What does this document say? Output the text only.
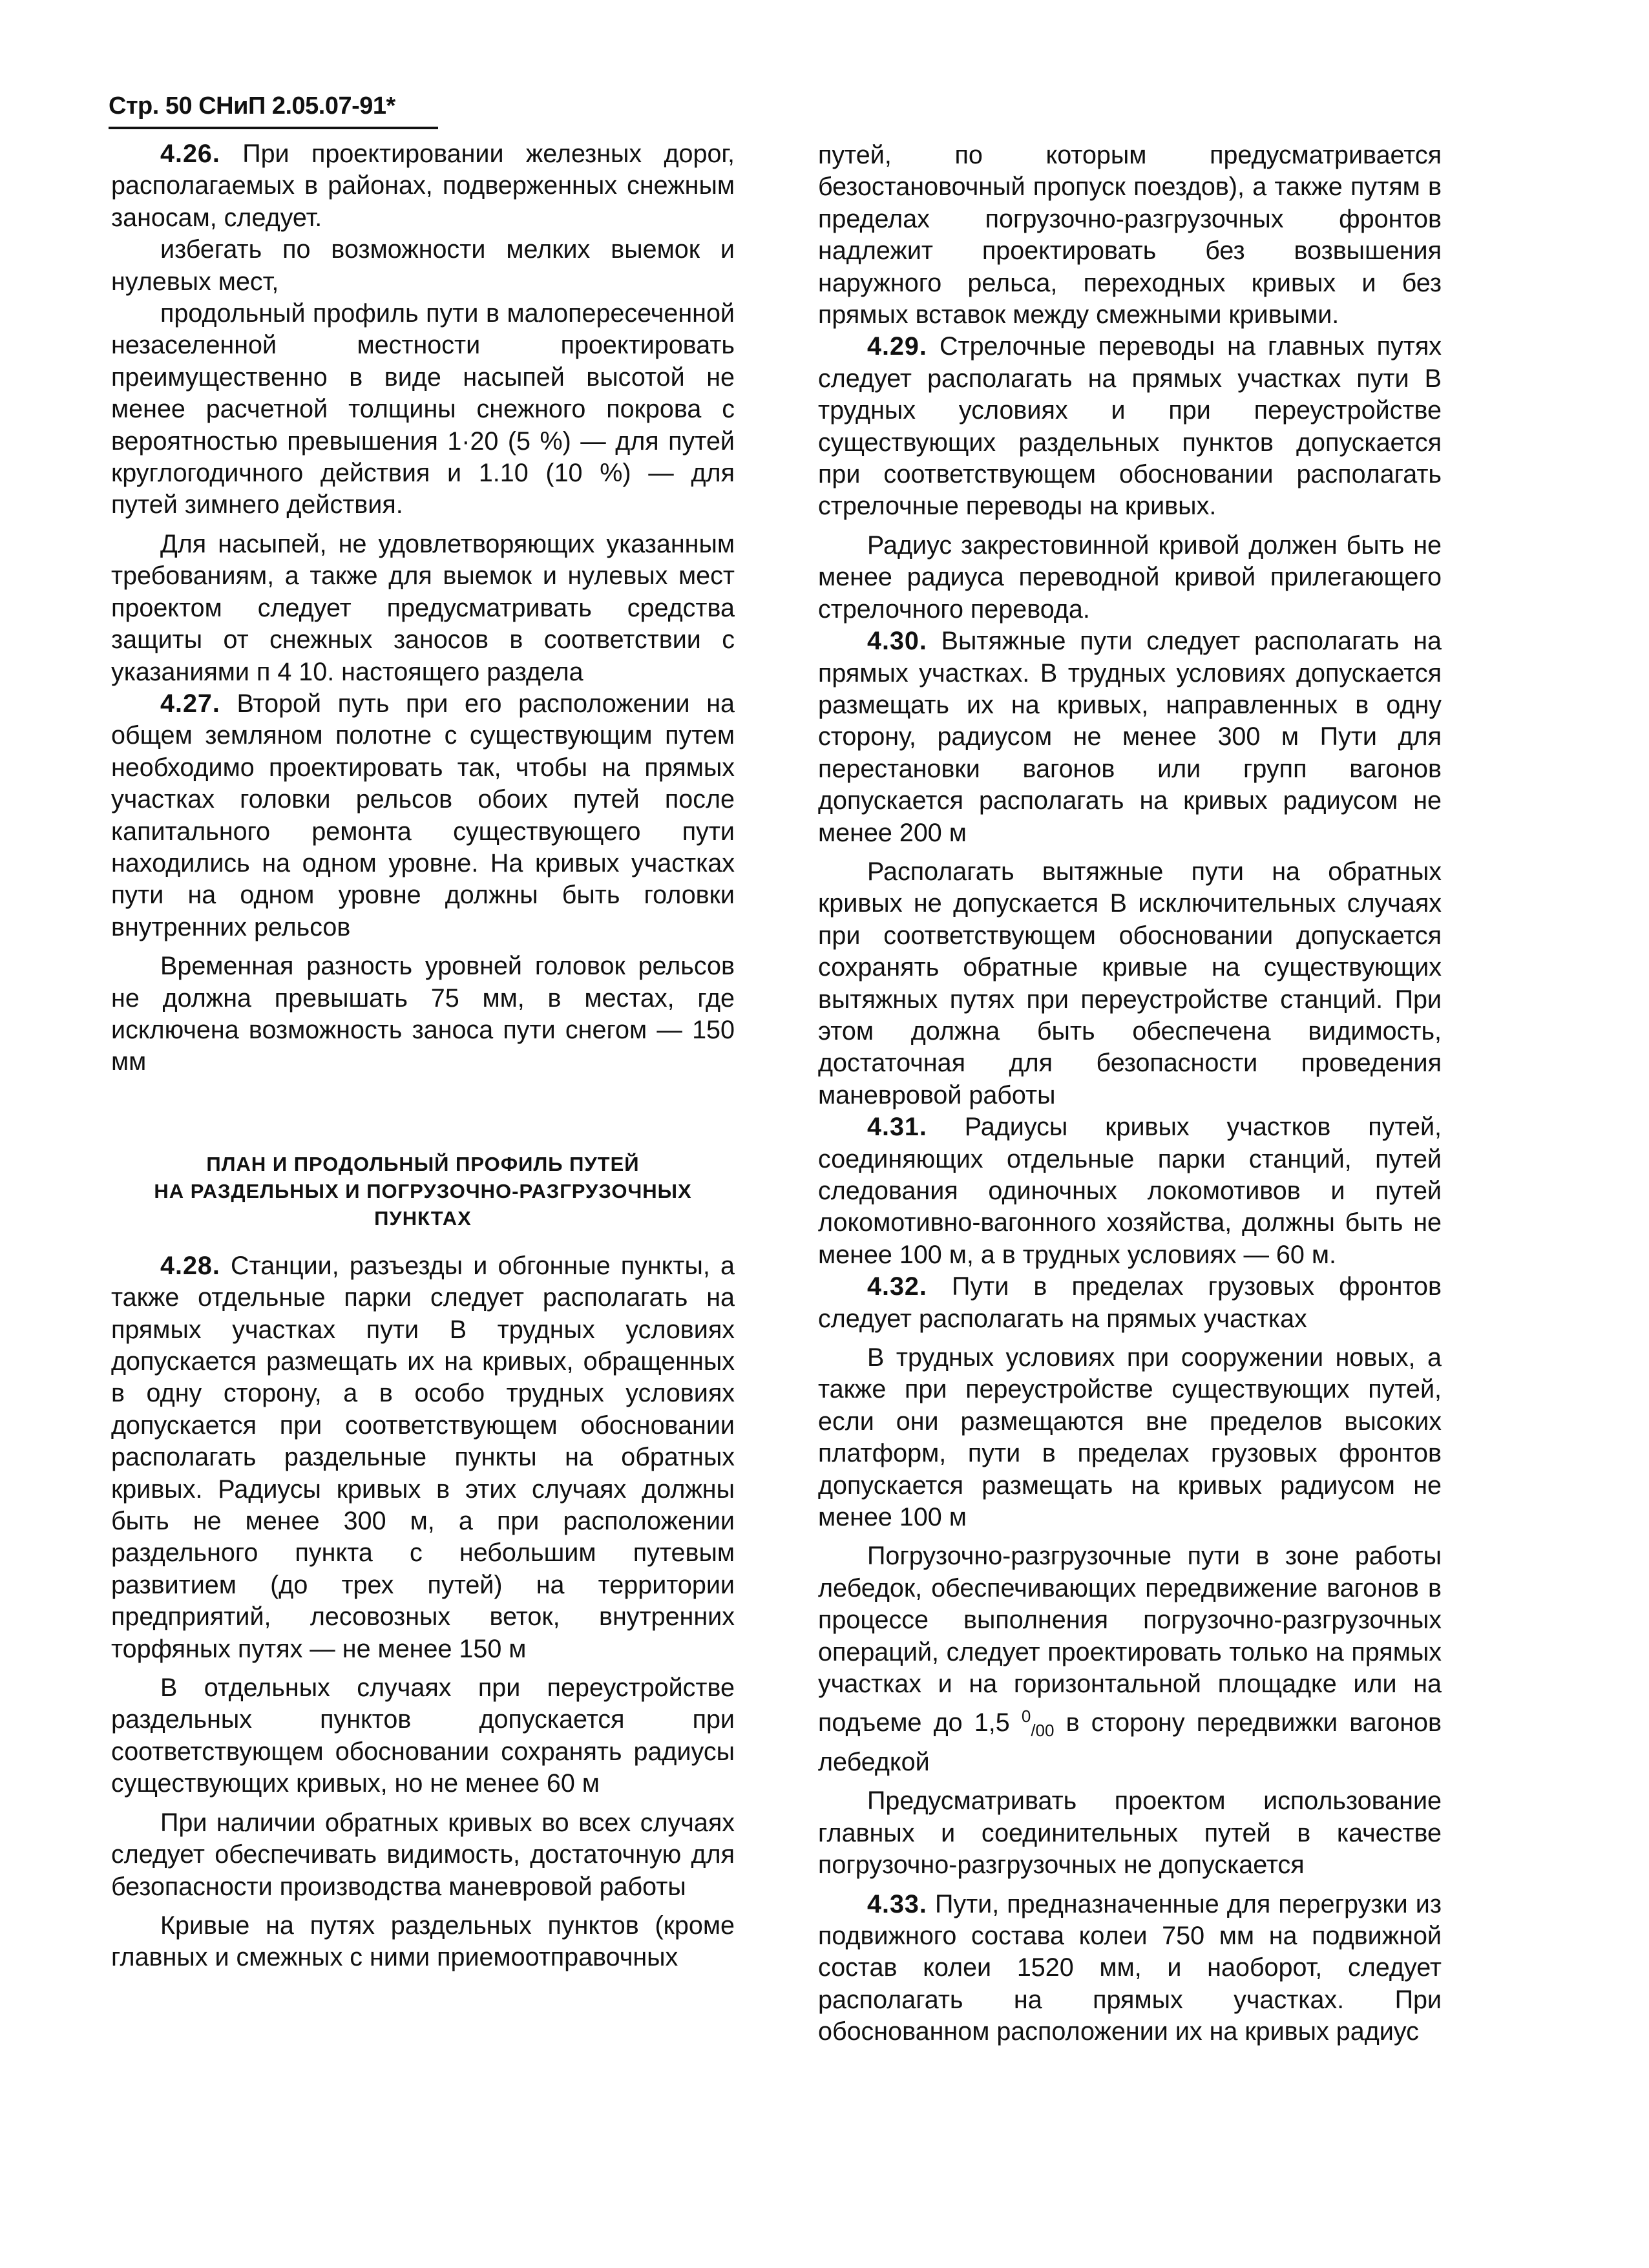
Стр. 50 СНиП 2.05.07-91*

4.26. При проектировании железных дорог, располагаемых в районах, подверженных снежным заносам, следует.

избегать по возможности мелких выемок и нулевых мест,

продольный профиль пути в малопересеченной незаселенной местности проектировать преимущественно в виде насыпей высотой не менее расчетной толщины снежного покрова с вероятностью превышения 1·20 (5 %) — для путей круглогодичного действия и 1.10 (10 %) — для путей зимнего действия.

Для насыпей, не удовлетворяющих указанным требованиям, а также для выемок и нулевых мест проектом следует предусматривать средства защиты от снежных заносов в соответствии с указаниями п 4 10. настоящего раздела

4.27. Второй путь при его расположении на общем земляном полотне с существующим путем необходимо проектировать так, чтобы на прямых участках головки рельсов обоих путей после капитального ремонта существующего пути находились на одном уровне. На кривых участках пути на одном уровне должны быть головки внутренних рельсов

Временная разность уровней головок рельсов не должна превышать 75 мм, в местах, где исключена возможность заноса пути снегом — 150 мм

ПЛАН И ПРОДОЛЬНЫЙ ПРОФИЛЬ ПУТЕЙ
НА РАЗДЕЛЬНЫХ И ПОГРУЗОЧНО-РАЗГРУЗОЧНЫХ
ПУНКТАХ

4.28. Станции, разъезды и обгонные пункты, а также отдельные парки следует располагать на прямых участках пути В трудных условиях допускается размещать их на кривых, обращенных в одну сторону, а в особо трудных условиях допускается при соответствующем обосновании располагать раздельные пункты на обратных кривых. Радиусы кривых в этих случаях должны быть не менее 300 м, а при расположении раздельного пункта с небольшим путевым развитием (до трех путей) на территории предприятий, лесовозных веток, внутренних торфяных путях — не менее 150 м

В отдельных случаях при переустройстве раздельных пунктов допускается при соответствующем обосновании сохранять радиусы существующих кривых, но не менее 60 м

При наличии обратных кривых во всех случаях следует обеспечивать видимость, достаточную для безопасности производства маневровой работы

Кривые на путях раздельных пунктов (кроме главных и смежных с ними приемоотправочных

путей, по которым предусматривается безостановочный пропуск поездов), а также путям в пределах погрузочно-разгрузочных фронтов надлежит проектировать без возвышения наружного рельса, переходных кривых и без прямых вставок между смежными кривыми.

4.29. Стрелочные переводы на главных путях следует располагать на прямых участках пути В трудных условиях и при переустройстве существующих раздельных пунктов допускается при соответствующем обосновании располагать стрелочные переводы на кривых.

Радиус закрестовинной кривой должен быть не менее радиуса переводной кривой прилегающего стрелочного перевода.

4.30. Вытяжные пути следует располагать на прямых участках. В трудных условиях допускается размещать их на кривых, направленных в одну сторону, радиусом не менее 300 м Пути для перестановки вагонов или групп вагонов допускается располагать на кривых радиусом не менее 200 м

Располагать вытяжные пути на обратных кривых не допускается В исключительных случаях при соответствующем обосновании допускается сохранять обратные кривые на существующих вытяжных путях при переустройстве станций. При этом должна быть обеспечена видимость, достаточная для безопасности проведения маневровой работы

4.31. Радиусы кривых участков путей, соединяющих отдельные парки станций, путей следования одиночных локомотивов и путей локомотивно-вагонного хозяйства, должны быть не менее 100 м, а в трудных условиях — 60 м.

4.32. Пути в пределах грузовых фронтов следует располагать на прямых участках

В трудных условиях при сооружении новых, а также при переустройстве существующих путей, если они размещаются вне пределов высоких платформ, пути в пределах грузовых фронтов допускается размещать на кривых радиусом не менее 100 м

Погрузочно-разгрузочные пути в зоне работы лебедок, обеспечивающих передвижение вагонов в процессе выполнения погрузочно-разгрузочных операций, следует проектировать только на прямых участках и на горизонтальной площадке или на подъеме до 1,5 $^0_{/00}$ в сторону передвижки вагонов лебедкой

Предусматривать проектом использование главных и соединительных путей в качестве погрузочно-разгрузочных не допускается

4.33. Пути, предназначенные для перегрузки из подвижного состава колеи 750 мм на подвижной состав колеи 1520 мм, и наоборот, следует располагать на прямых участках. При обоснованном расположении их на кривых радиус
